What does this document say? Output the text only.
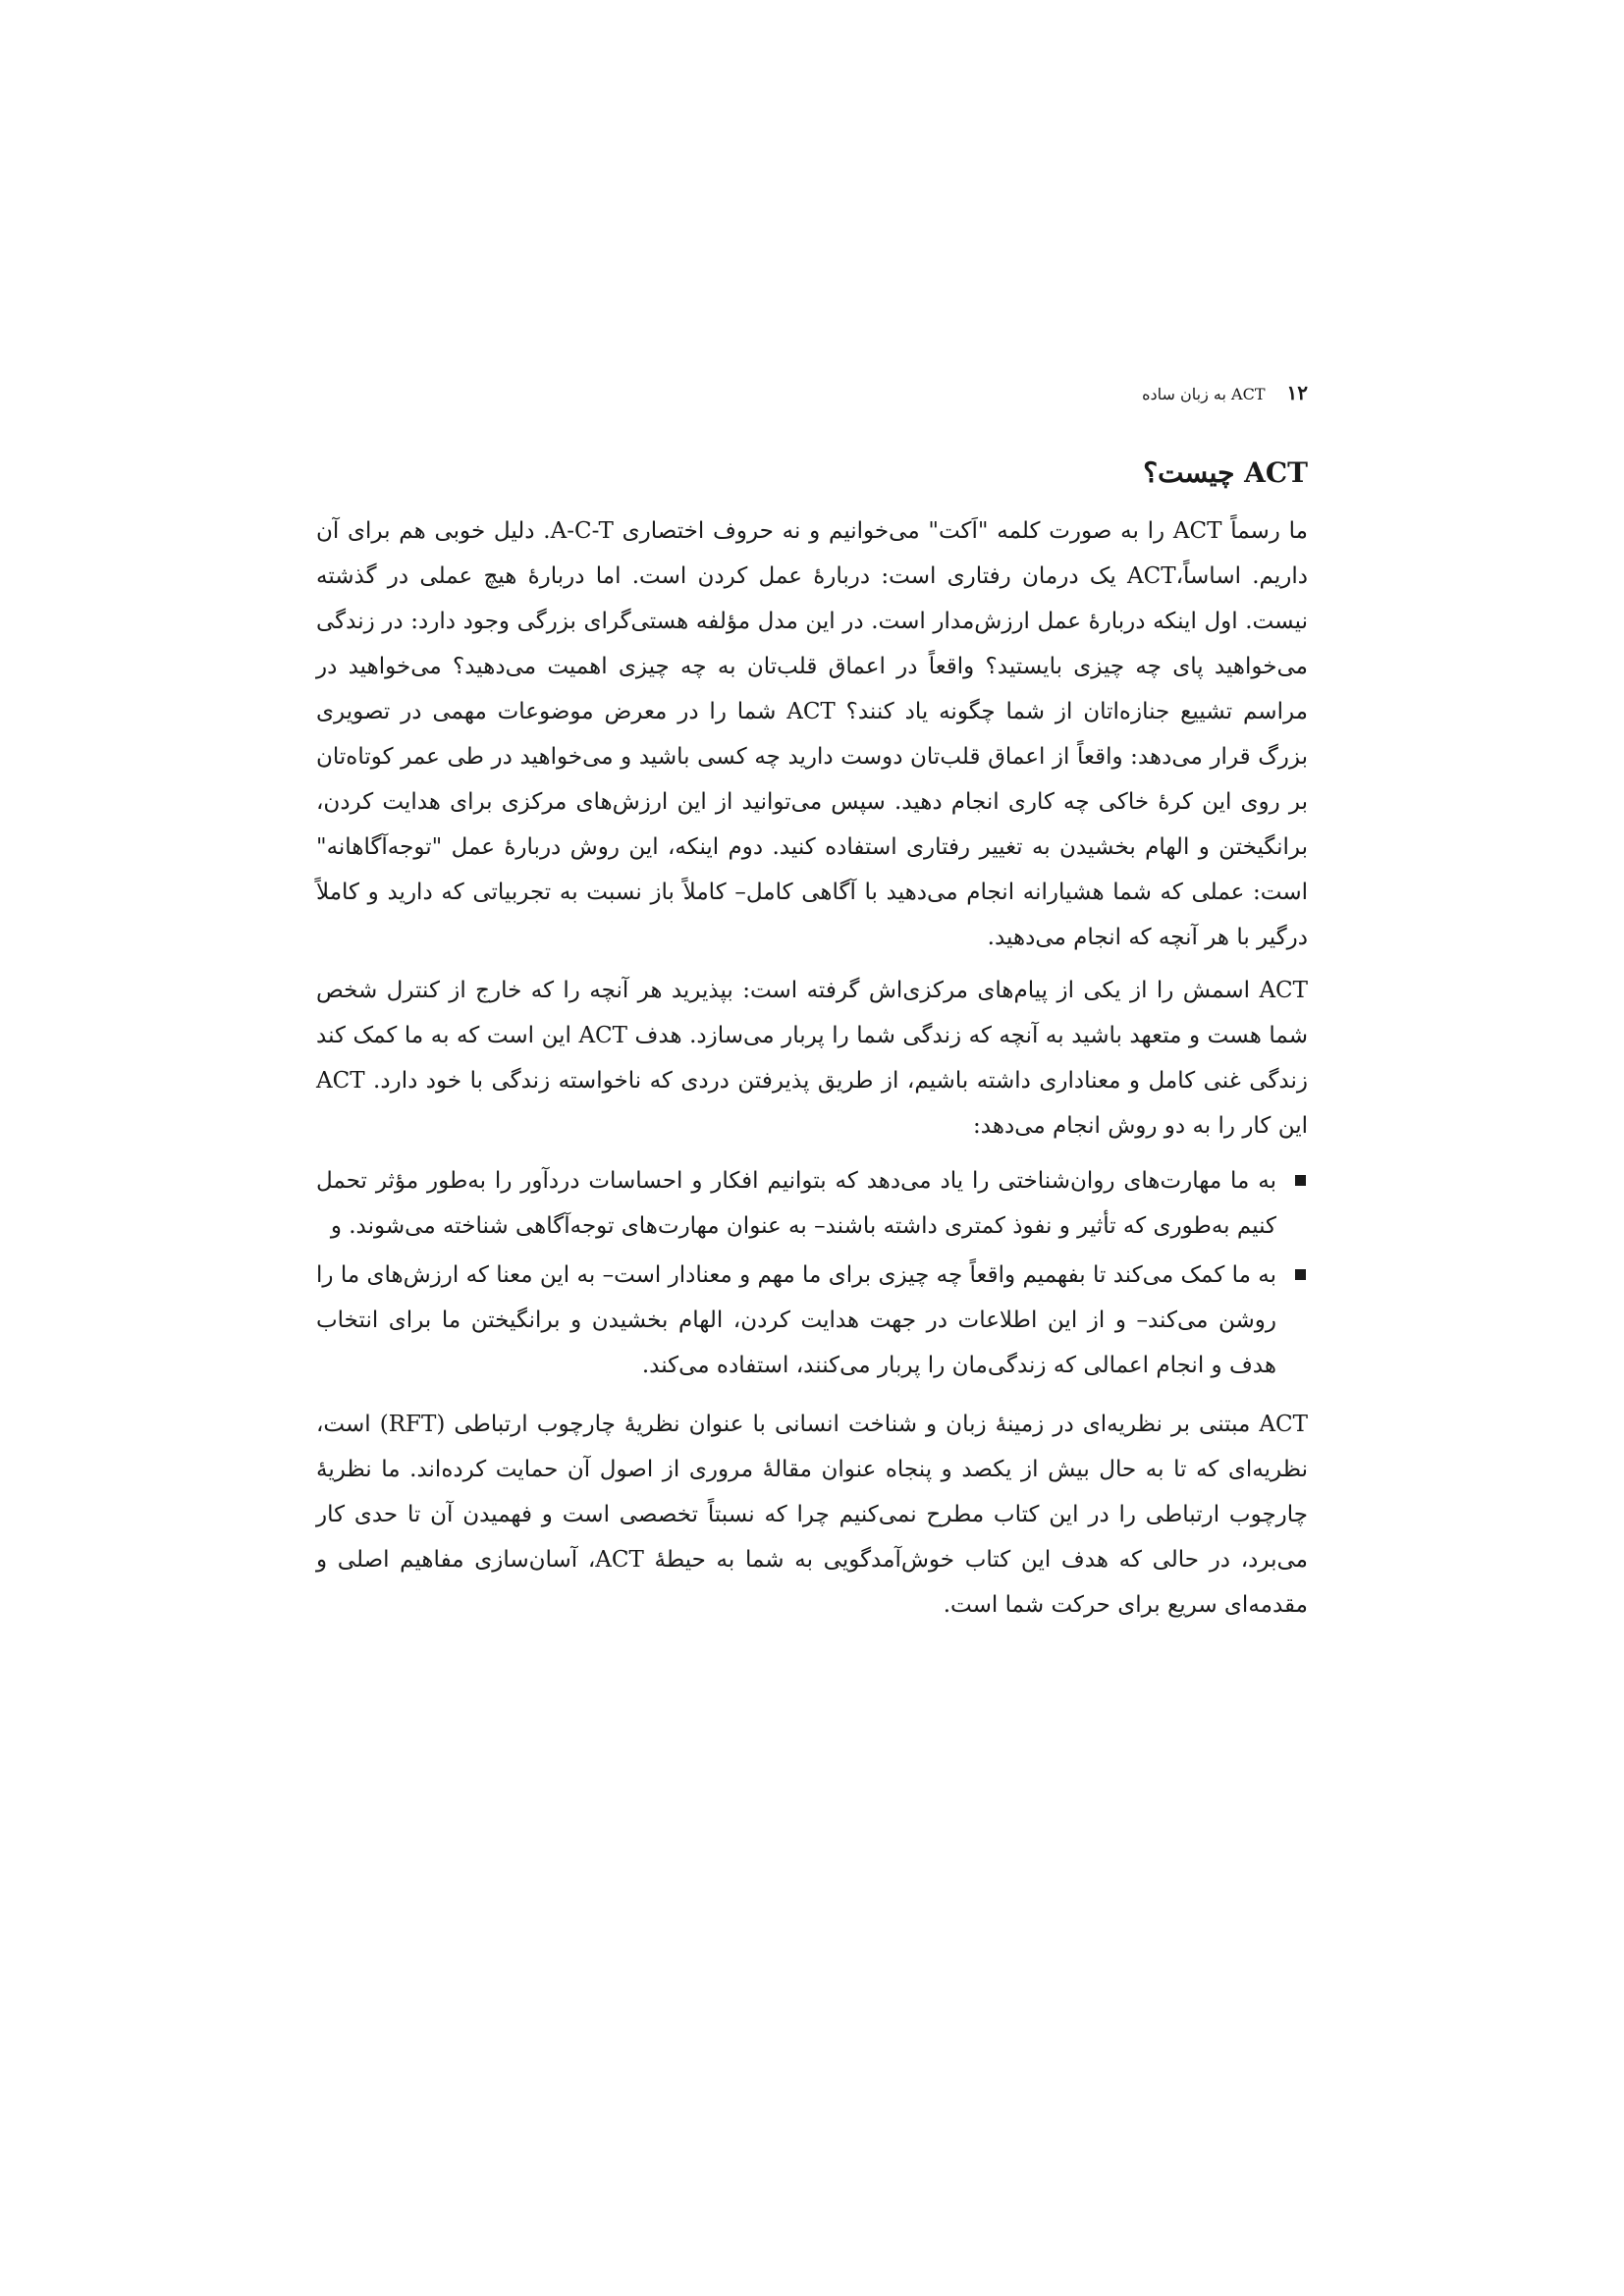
۱۲
ACT به زبان ساده
ACT چیست؟

ما رسماً ACT را به صورت کلمه "اَکت" می‌خوانیم و نه حروف اختصاری A-C-T. دلیل خوبی هم برای آن داریم. اساساً،ACT یک درمان رفتاری است: دربارهٔ عمل کردن است. اما دربارهٔ هیچ عملی در گذشته نیست. اول اینکه دربارهٔ عمل ارزش‌مدار است. در این مدل مؤلفه هستی‌گرای بزرگی وجود دارد: در زندگی می‌خواهید پای چه چیزی بایستید؟ واقعاً در اعماق قلب‌تان به چه چیزی اهمیت می‌دهید؟ می‌خواهید در مراسم تشییع جنازه‌اتان از شما چگونه یاد کنند؟ ACT شما را در معرض موضوعات مهمی در تصویری بزرگ قرار می‌دهد: واقعاً از اعماق قلب‌تان دوست دارید چه کسی باشید و می‌خواهید در طی عمر کوتاه‌تان بر روی این کرهٔ خاکی چه کاری انجام دهید. سپس می‌توانید از این ارزش‌های مرکزی برای هدایت کردن، برانگیختن و الهام بخشیدن به تغییر رفتاری استفاده کنید. دوم اینکه، این روش دربارهٔ عمل "توجه‌آگاهانه" است: عملی که شما هشیارانه انجام می‌دهید با آگاهی کامل– کاملاً باز نسبت به تجربیاتی که دارید و کاملاً درگیر با هر آنچه که انجام می‌دهید.

ACT اسمش را از یکی از پیام‌های مرکزی‌اش گرفته است: بپذیرید هر آنچه را که خارج از کنترل شخص شما هست و متعهد باشید به آنچه که زندگی شما را پربار می‌سازد. هدف ACT این است که به ما کمک کند زندگی غنی کامل و معناداری داشته باشیم، از طریق پذیرفتن دردی که ناخواسته زندگی با خود دارد. ACT این کار را به دو روش انجام می‌دهد:

به ما مهارت‌های روان‌شناختی را یاد می‌دهد که بتوانیم افکار و احساسات دردآور را به‌طور مؤثر تحمل کنیم به‌طوری که تأثیر و نفوذ کمتری داشته باشند– به عنوان مهارت‌های توجه‌آگاهی شناخته می‌شوند. و
به ما کمک می‌کند تا بفهمیم واقعاً چه چیزی برای ما مهم و معنادار است– به این معنا که ارزش‌های ما را روشن می‌کند– و از این اطلاعات در جهت هدایت کردن، الهام بخشیدن و برانگیختن ما برای انتخاب هدف و انجام اعمالی که زندگی‌مان را پربار می‌کنند، استفاده می‌کند.

ACT مبتنی بر نظریه‌ای در زمینهٔ زبان و شناخت انسانی با عنوان نظریهٔ چارچوب ارتباطی (RFT) است، نظریه‌ای که تا به حال بیش از یکصد و پنجاه عنوان مقالهٔ مروری از اصول آن حمایت کرده‌اند. ما نظریهٔ چارچوب ارتباطی را در این کتاب مطرح نمی‌کنیم چرا که نسبتاً تخصصی است و فهمیدن آن تا حدی کار می‌برد، در حالی که هدف این کتاب خوش‌آمدگویی به شما به حیطهٔ ACT، آسان‌سازی مفاهیم اصلی و مقدمه‌ای سریع برای حرکت شما است.
